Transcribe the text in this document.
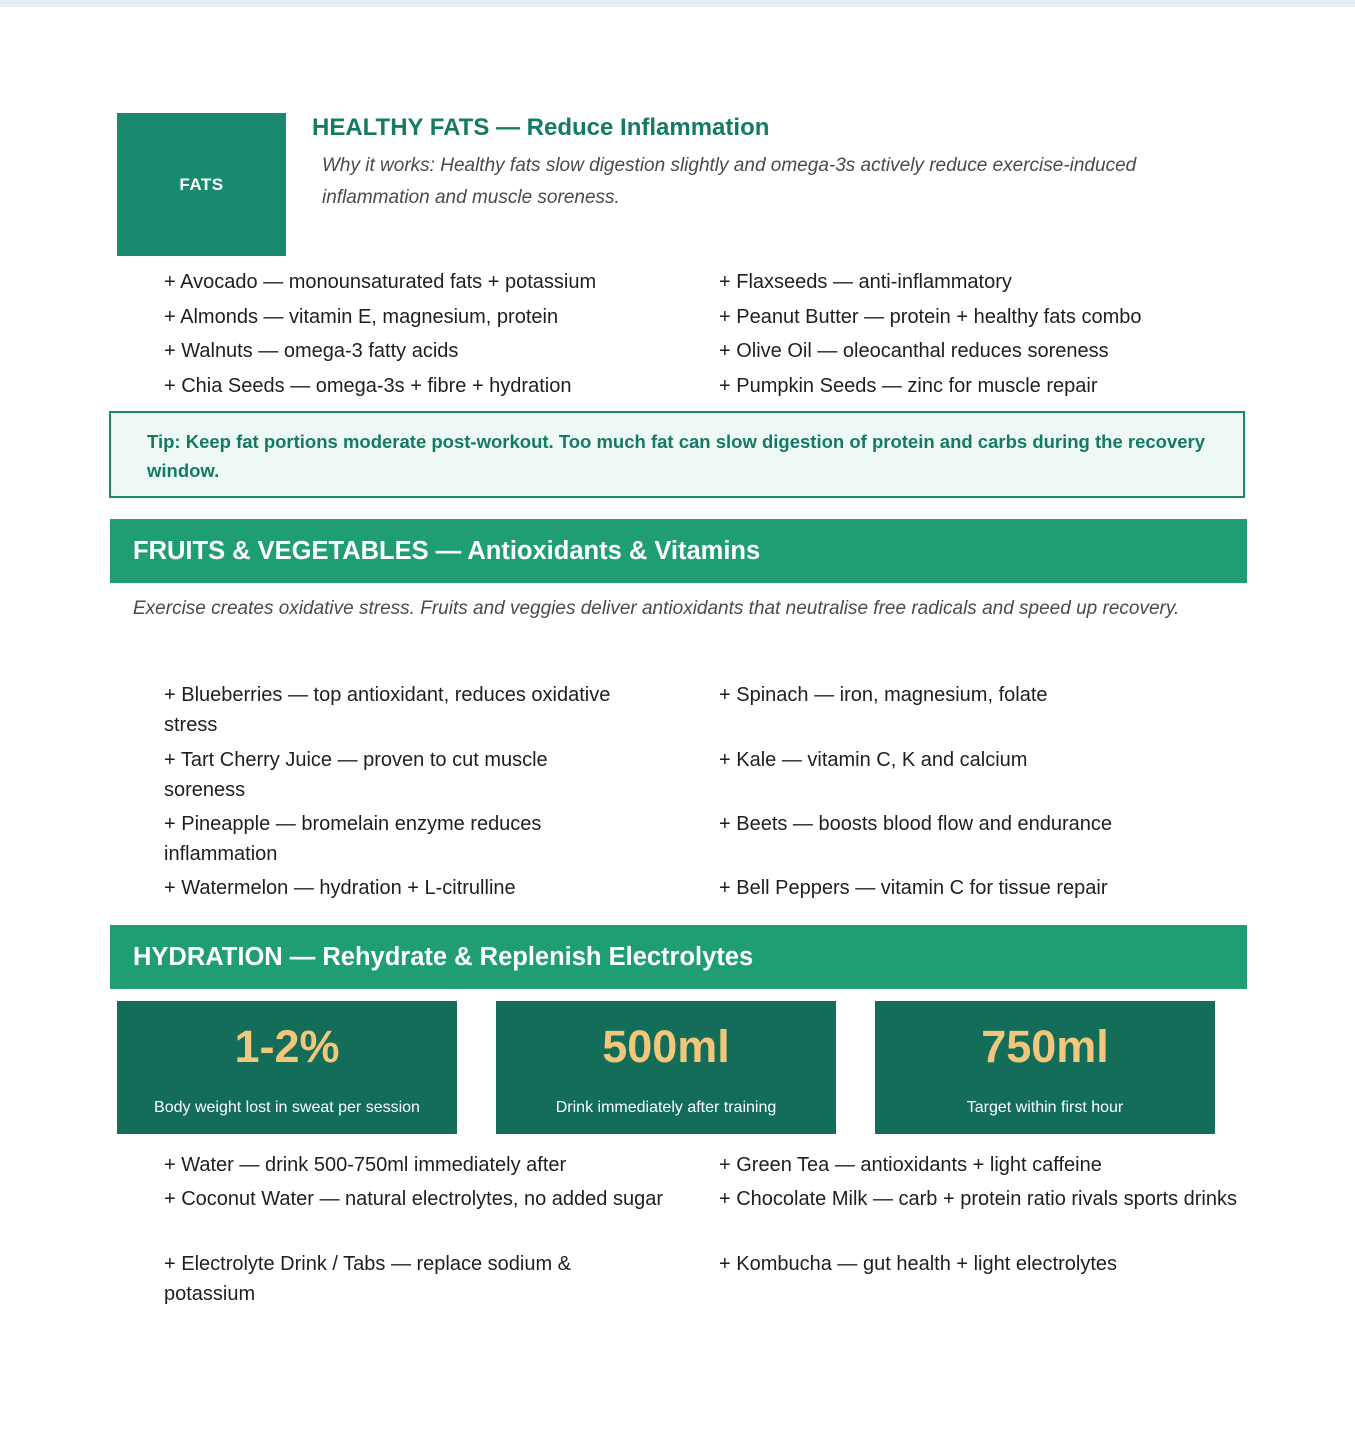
FATS
HEALTHY FATS — Reduce Inflammation
Why it works: Healthy fats slow digestion slightly and omega-3s actively reduce exercise-induced inflammation and muscle soreness.
+ Avocado — monounsaturated fats + potassium
+ Almonds — vitamin E, magnesium, protein
+ Walnuts — omega-3 fatty acids
+ Chia Seeds — omega-3s + fibre + hydration
+ Flaxseeds — anti-inflammatory
+ Peanut Butter — protein + healthy fats combo
+ Olive Oil — oleocanthal reduces soreness
+ Pumpkin Seeds — zinc for muscle repair
Tip: Keep fat portions moderate post-workout. Too much fat can slow digestion of protein and carbs during the recovery window.
FRUITS & VEGETABLES — Antioxidants & Vitamins
Exercise creates oxidative stress. Fruits and veggies deliver antioxidants that neutralise free radicals and speed up recovery.
+ Blueberries — top antioxidant, reduces oxidative stress
+ Tart Cherry Juice — proven to cut muscle soreness
+ Pineapple — bromelain enzyme reduces inflammation
+ Watermelon — hydration + L-citrulline
+ Spinach — iron, magnesium, folate
+ Kale — vitamin C, K and calcium
+ Beets — boosts blood flow and endurance
+ Bell Peppers — vitamin C for tissue repair
HYDRATION — Rehydrate & Replenish Electrolytes
1-2%
Body weight lost in sweat per session
500ml
Drink immediately after training
750ml
Target within first hour
+ Water — drink 500-750ml immediately after
+ Coconut Water — natural electrolytes, no added sugar
+ Electrolyte Drink / Tabs — replace sodium & potassium
+ Green Tea — antioxidants + light caffeine
+ Chocolate Milk — carb + protein ratio rivals sports drinks
+ Kombucha — gut health + light electrolytes
